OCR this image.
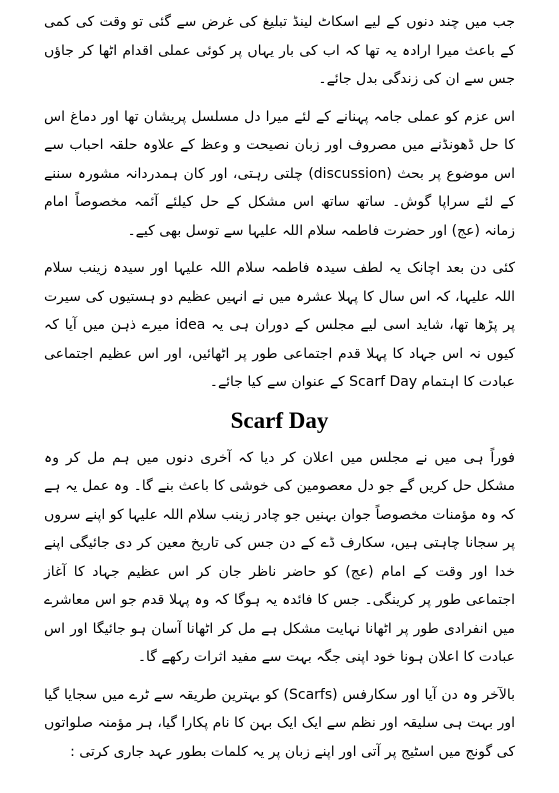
جب میں چند دنوں کے لیے اسکاٹ لینڈ تبلیغ کی غرض سے گئی تو وقت کی کمی کے باعث میرا ارادہ یہ تھا کہ اب کی بار یہاں پر کوئی عملی اقدام اٹھا کر جاؤں جس سے ان کی زندگی بدل جائے۔

اس عزم کو عملی جامہ پہنانے کے لئے میرا دل مسلسل پریشان تھا اور دماغ اس کا حل ڈھونڈنے میں مصروف اور زبان نصیحت و وعظ کے علاوہ حلقہ احباب سے اس موضوع پر بحث (discussion) چلتی رہتی، اور کان ہمدردانہ مشورہ سننے کے لئے سراپا گوش۔ ساتھ ساتھ اس مشکل کے حل کیلئے آئمہ مخصوصاً امام زمانہ (عج) اور حضرت فاطمہ سلام اللہ علیہا سے توسل بھی کیے۔

کئی دن بعد اچانک یہ لطف سیدہ فاطمہ سلام اللہ علیہا اور سیدہ زینب سلام اللہ علیہا، کہ اس سال کا پہلا عشرہ میں نے انہیں عظیم دو ہستیوں کی سیرت پر پڑھا تھا، شاید اسی لیے مجلس کے دوران ہی یہ idea میرے ذہن میں آیا کہ کیوں نہ اس جہاد کا پہلا قدم اجتماعی طور پر اٹھائیں، اور اس عظیم اجتماعی عبادت کا اہتمام Scarf Day کے عنوان سے کیا جائے۔

Scarf Day

فوراً ہی میں نے مجلس میں اعلان کر دیا کہ آخری دنوں میں ہم مل کر وہ مشکل حل کریں گے جو دل معصومین کی خوشی کا باعث بنے گا۔ وہ عمل یہ ہے کہ وہ مؤمنات مخصوصاً جوان بہنیں جو چادر زینب سلام اللہ علیہا کو اپنے سروں پر سجانا چاہتی ہیں، سکارف ڈے کے دن جس کی تاریخ معین کر دی جائیگی اپنے خدا اور وقت کے امام (عج) کو حاضر ناظر جان کر اس عظیم جہاد کا آغاز اجتماعی طور پر کرینگی۔ جس کا فائدہ یہ ہوگا کہ وہ پہلا قدم جو اس معاشرے میں انفرادی طور پر اٹھانا نہایت مشکل ہے مل کر اٹھانا آسان ہو جائیگا اور اس عبادت کا اعلان ہونا خود اپنی جگہ بہت سے مفید اثرات رکھے گا۔

بالآخر وہ دن آیا اور سکارفس (Scarfs) کو بہترین طریقہ سے ٹرے میں سجایا گیا اور بہت ہی سلیقہ اور نظم سے ایک ایک بہن کا نام پکارا گیا، ہر مؤمنہ صلواتوں کی گونج میں اسٹیج پر آتی اور اپنے زبان پر یہ کلمات بطور عہد جاری کرتی :
